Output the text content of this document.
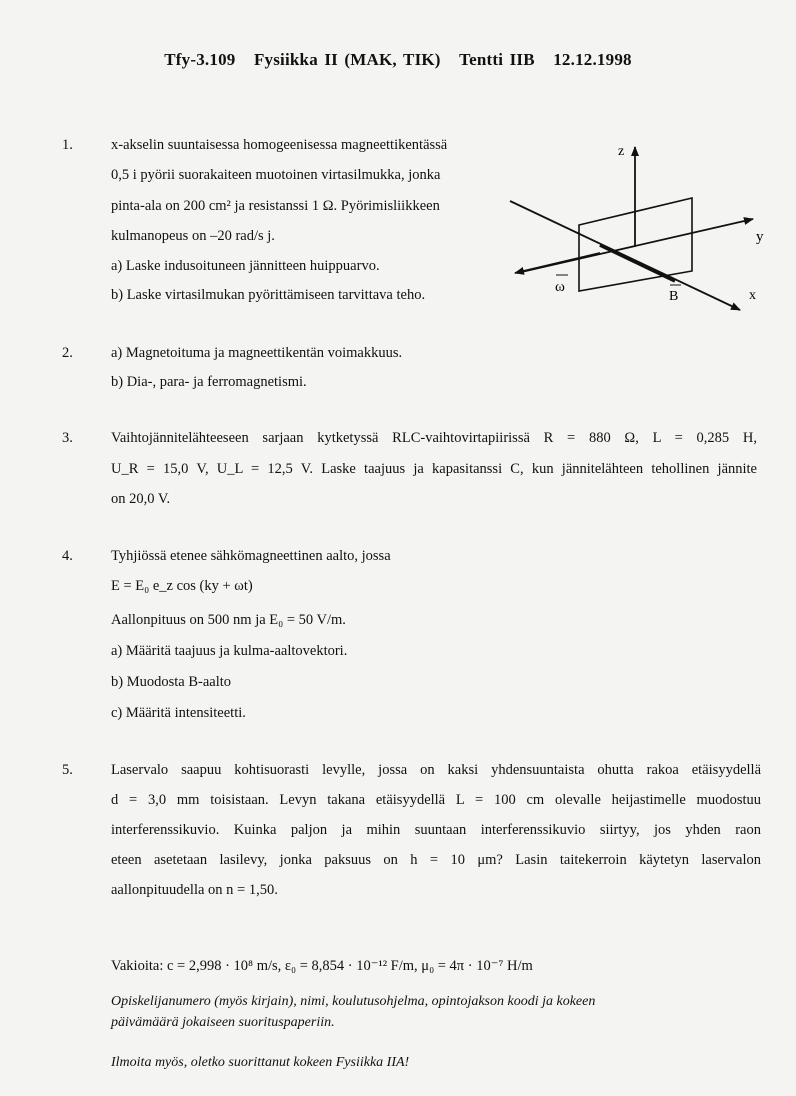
Tfy-3.109 Fysiikka II (MAK, TIK) Tentti IIB 12.12.1998
1.	x-akselin suuntaisessa homogeenisessa magneettikentässä
0,5 i pyörii suorakaiteen muotoinen virtasilmukka, jonka
pinta-ala on 200 cm² ja resistanssi 1 Ω. Pyörimisliikkeen
kulmanopeus on –20 rad/s j.
a) Laske indusoituneen jännitteen huippuarvo.
b) Laske virtasilmukan pyörittämiseen tarvittava teho.
z
y
x
ω
B
2.	a) Magnetoituma ja magneettikentän voimakkuus.
b) Dia-, para- ja ferromagnetismi.
3.	Vaihtojännitelähteeseen sarjaan kytketyssä RLC-vaihtovirtapiirissä R = 880 Ω, L = 0,285 H,
U_R = 15,0 V, U_L = 12,5 V. Laske taajuus ja kapasitanssi C, kun jännitelähteen tehollinen jännite
on 20,0 V.
4.	Tyhjiössä etenee sähkömagneettinen aalto, jossa
E = E₀ e_z cos (ky + ωt)
Aallonpituus on 500 nm ja E₀ = 50 V/m.
a) Määritä taajuus ja kulma-aaltovektori.
b) Muodosta B-aalto
c) Määritä intensiteetti.
5.	Laservalo saapuu kohtisuorasti levylle, jossa on kaksi yhdensuuntaista ohutta rakoa etäisyydellä
d = 3,0 mm toisistaan. Levyn takana etäisyydellä L = 100 cm olevalle heijastimelle muodostuu
interferenssikuvio. Kuinka paljon ja mihin suuntaan interferenssikuvio siirtyy, jos yhden raon
eteen asetetaan lasilevy, jonka paksuus on h = 10 μm? Lasin taitekerroin käytetyn laservalon
aallonpituudella on n = 1,50.
Vakioita: c = 2,998 · 10⁸ m/s, ε₀ = 8,854 · 10⁻¹² F/m, μ₀ = 4π · 10⁻⁷ H/m
Opiskelijanumero (myös kirjain), nimi, koulutusohjelma, opintojakson koodi ja kokeen
päivämäärä jokaiseen suorituspaperiin.
Ilmoita myös, oletko suorittanut kokeen Fysiikka IIA!
